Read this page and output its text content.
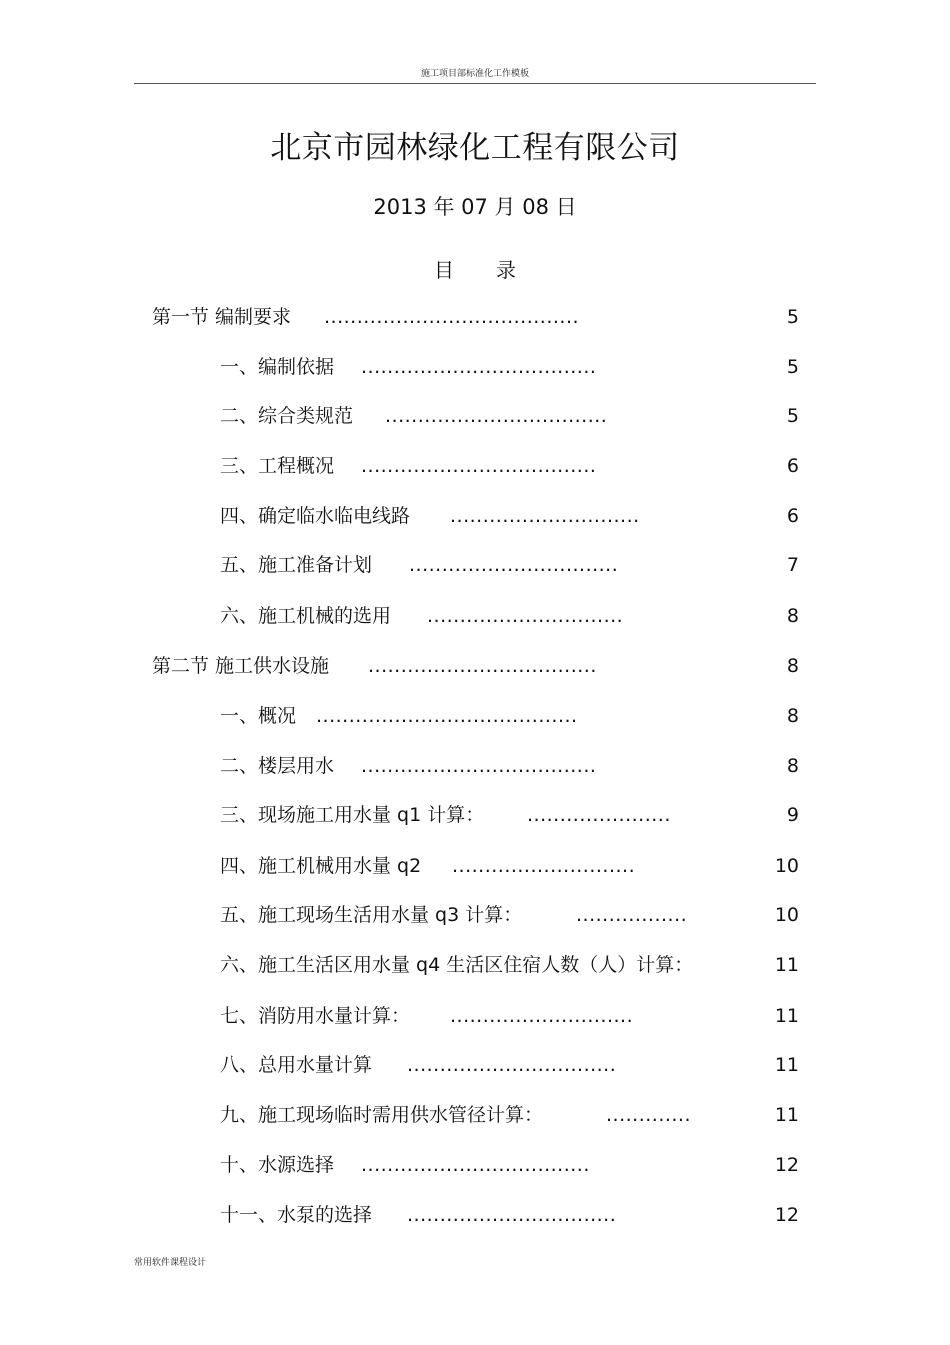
施工项目部标准化工作模板
北京市园林绿化工程有限公司
2013 年 07 月 08 日
目录
第一节 编制要求 .......................................	5
一、编制依据 ....................................	5
二、综合类规范 ..................................	5
三、工程概况 ....................................	6
四、确定临水临电线路 .............................	6
五、施工准备计划 ................................	7
六、施工机械的选用 ..............................	8
第二节 施工供水设施 ...................................	8
一、概况 ........................................	8
二、楼层用水 ....................................	8
三、现场施工用水量 q1 计算： ......................	9
四、施工机械用水量 q2 ............................	10
五、施工现场生活用水量 q3 计算：	.................	10
六、施工生活区用水量 q4 生活区住宿人数（人）计算：	11
七、消防用水量计算： ............................	11
八、总用水量计算 ................................	11
九、施工现场临时需用供水管径计算：	.............	11
十、水源选择 ...................................	12
十一、水泵的选择 ................................	12
常用软件课程设计
